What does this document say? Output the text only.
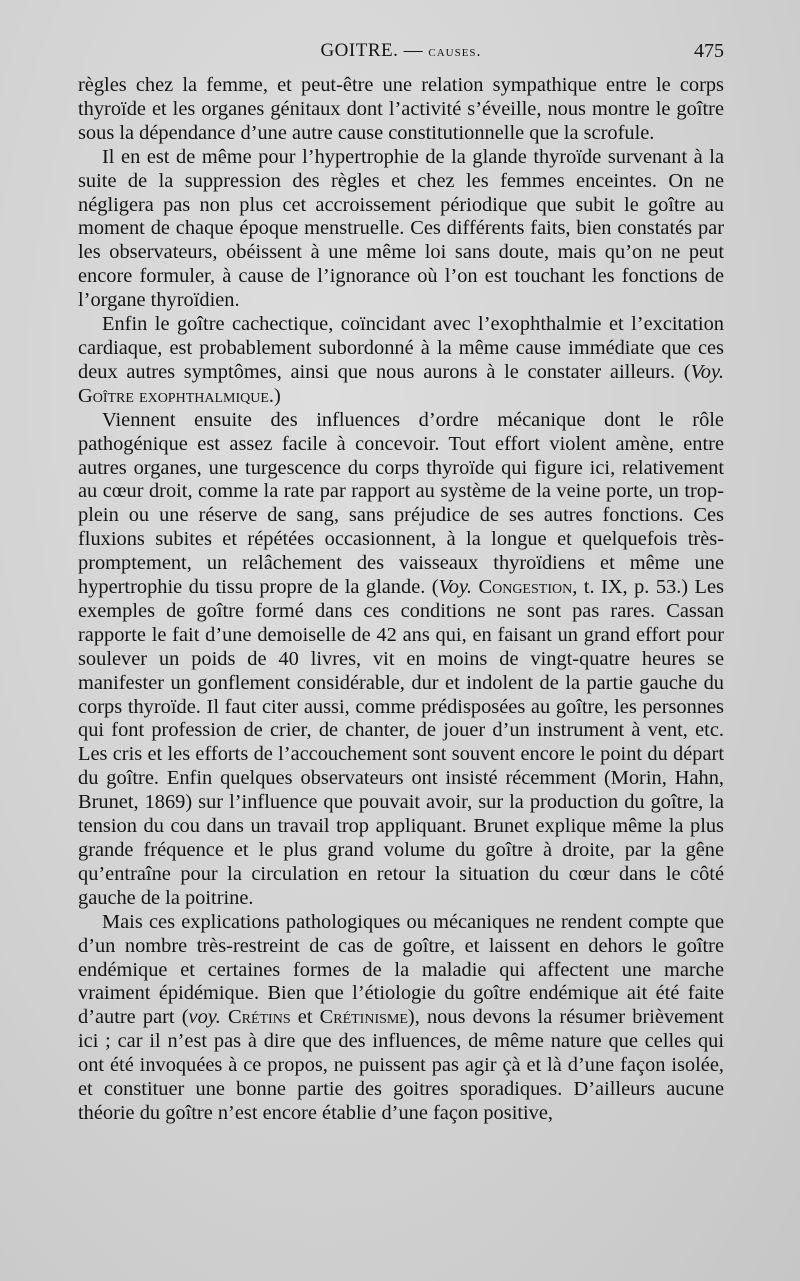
GOITRE. — causes.	475

règles chez la femme, et peut-être une relation sympathique entre le corps thyroïde et les organes génitaux dont l’activité s’éveille, nous montre le goître sous la dépendance d’une autre cause constitutionnelle que la scrofule.

Il en est de même pour l’hypertrophie de la glande thyroïde survenant à la suite de la suppression des règles et chez les femmes enceintes. On ne négligera pas non plus cet accroissement périodique que subit le goître au moment de chaque époque menstruelle. Ces différents faits, bien constatés par les observateurs, obéissent à une même loi sans doute, mais qu’on ne peut encore formuler, à cause de l’ignorance où l’on est touchant les fonctions de l’organe thyroïdien.

Enfin le goître cachectique, coïncidant avec l’exophthalmie et l’excitation cardiaque, est probablement subordonné à la même cause immédiate que ces deux autres symptômes, ainsi que nous aurons à le constater ailleurs. (Voy. Goître exophthalmique.)

Viennent ensuite des influences d’ordre mécanique dont le rôle pathogénique est assez facile à concevoir. Tout effort violent amène, entre autres organes, une turgescence du corps thyroïde qui figure ici, relativement au cœur droit, comme la rate par rapport au système de la veine porte, un trop-plein ou une réserve de sang, sans préjudice de ses autres fonctions. Ces fluxions subites et répétées occasionnent, à la longue et quelquefois très-promptement, un relâchement des vaisseaux thyroïdiens et même une hypertrophie du tissu propre de la glande. (Voy. Congestion, t. IX, p. 53.) Les exemples de goître formé dans ces conditions ne sont pas rares. Cassan rapporte le fait d’une demoiselle de 42 ans qui, en faisant un grand effort pour soulever un poids de 40 livres, vit en moins de vingt-quatre heures se manifester un gonflement considérable, dur et indolent de la partie gauche du corps thyroïde. Il faut citer aussi, comme prédisposées au goître, les personnes qui font profession de crier, de chanter, de jouer d’un instrument à vent, etc. Les cris et les efforts de l’accouchement sont souvent encore le point du départ du goître. Enfin quelques observateurs ont insisté récemment (Morin, Hahn, Brunet, 1869) sur l’influence que pouvait avoir, sur la production du goître, la tension du cou dans un travail trop appliquant. Brunet explique même la plus grande fréquence et le plus grand volume du goître à droite, par la gêne qu’entraîne pour la circulation en retour la situation du cœur dans le côté gauche de la poitrine.

Mais ces explications pathologiques ou mécaniques ne rendent compte que d’un nombre très-restreint de cas de goître, et laissent en dehors le goître endémique et certaines formes de la maladie qui affectent une marche vraiment épidémique. Bien que l’étiologie du goître endémique ait été faite d’autre part (voy. Crétins et Crétinisme), nous devons la résumer brièvement ici ; car il n’est pas à dire que des influences, de même nature que celles qui ont été invoquées à ce propos, ne puissent pas agir çà et là d’une façon isolée, et constituer une bonne partie des goitres sporadiques. D’ailleurs aucune théorie du goître n’est encore établie d’une façon positive,
